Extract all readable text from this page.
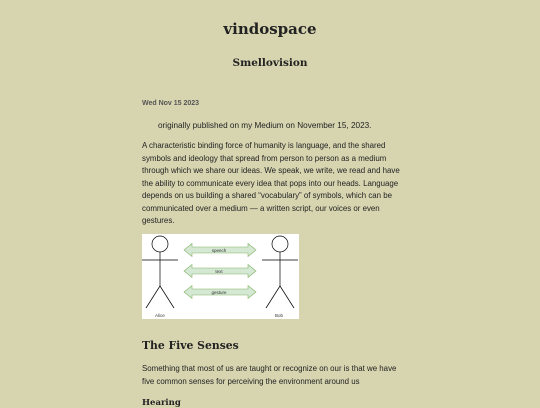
vindospace
Smellovision
Wed Nov 15 2023
originally published on my Medium on November 15, 2023.
A characteristic binding force of humanity is language, and the shared symbols and ideology that spread from person to person as a medium through which we share our ideas. We speak, we write, we read and have the ability to communicate every idea that pops into our heads. Language depends on us building a shared “vocabulary” of symbols, which can be communicated over a medium — a written script, our voices or even gestures.
speech
text
gesture
Alice	Bob
The Five Senses
Something that most of us are taught or recognize on our is that we have five common senses for perceiving the environment around us
Hearing
